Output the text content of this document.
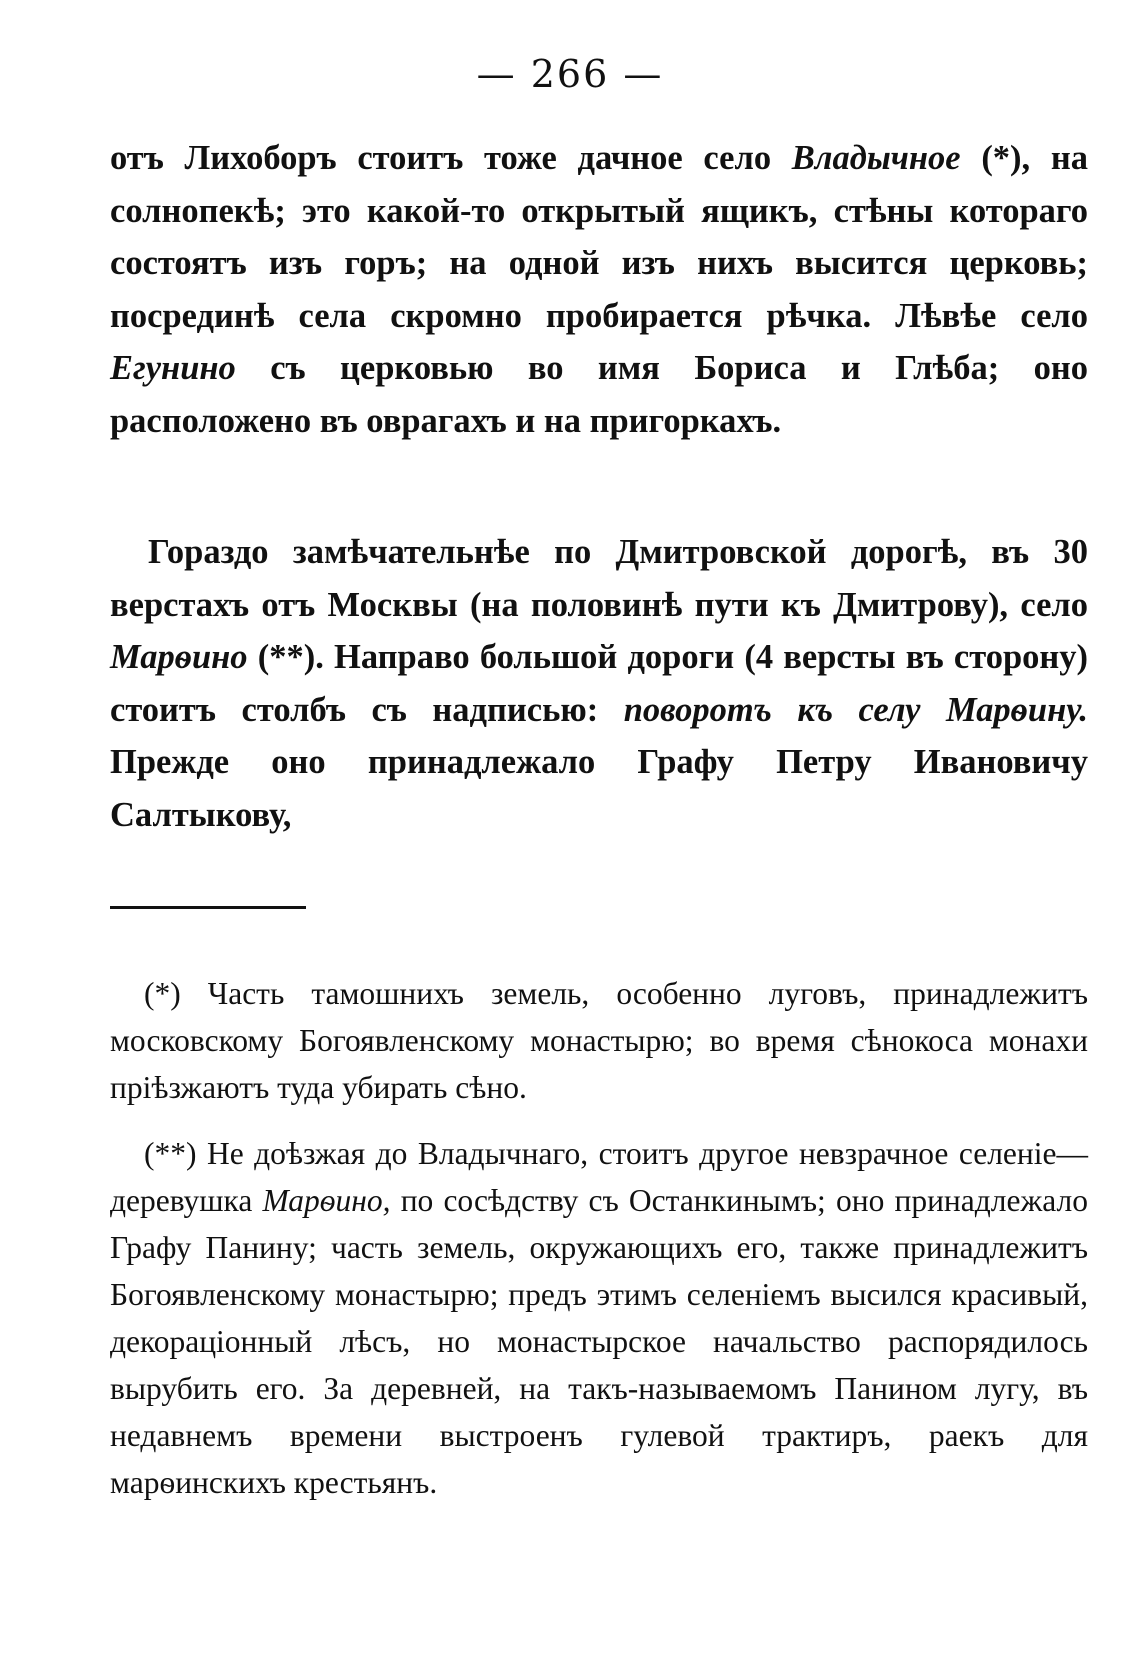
— 266 —

отъ Лихоборъ стоитъ тоже дачное село Владычное (*), на солнопекѣ; это какой-то открытый ящикъ, стѣны котораго состоятъ изъ горъ; на одной изъ нихъ высится церковь; посрединѣ села скромно пробирается рѣчка. Лѣвѣе село Егунино съ церковью во имя Бориса и Глѣба; оно расположено въ оврагахъ и на пригоркахъ.

Гораздо замѣчательнѣе по Дмитровской дорогѣ, въ 30 верстахъ отъ Москвы (на половинѣ пути къ Дмитрову), село Марѳино (**). Направо большой дороги (4 версты въ сторону) стоитъ столбъ съ надписью: поворотъ къ селу Марѳину. Прежде оно принадлежало Графу Петру Ивановичу Салтыкову,

(*) Часть тамошнихъ земель, особенно луговъ, принадлежитъ московскому Богоявленскому монастырю; во время сѣнокоса монахи прiѣзжаютъ туда убирать сѣно.

(**) Не доѣзжая до Владычнаго, стоитъ другое невзрачное селенiе—деревушка Марѳино, по сосѣдству съ Останкинымъ; оно принадлежало Графу Панину; часть земель, окружающихъ его, также принадлежитъ Богоявленскому монастырю; предъ этимъ селенiемъ высился красивый, декорацiонный лѣсъ, но монастырское начальство распорядилось вырубить его. За деревней, на такъ-называемомъ Панином лугу, въ недавнемъ времени выстроенъ гулевой трактиръ, раекъ для марѳинскихъ крестьянъ.
